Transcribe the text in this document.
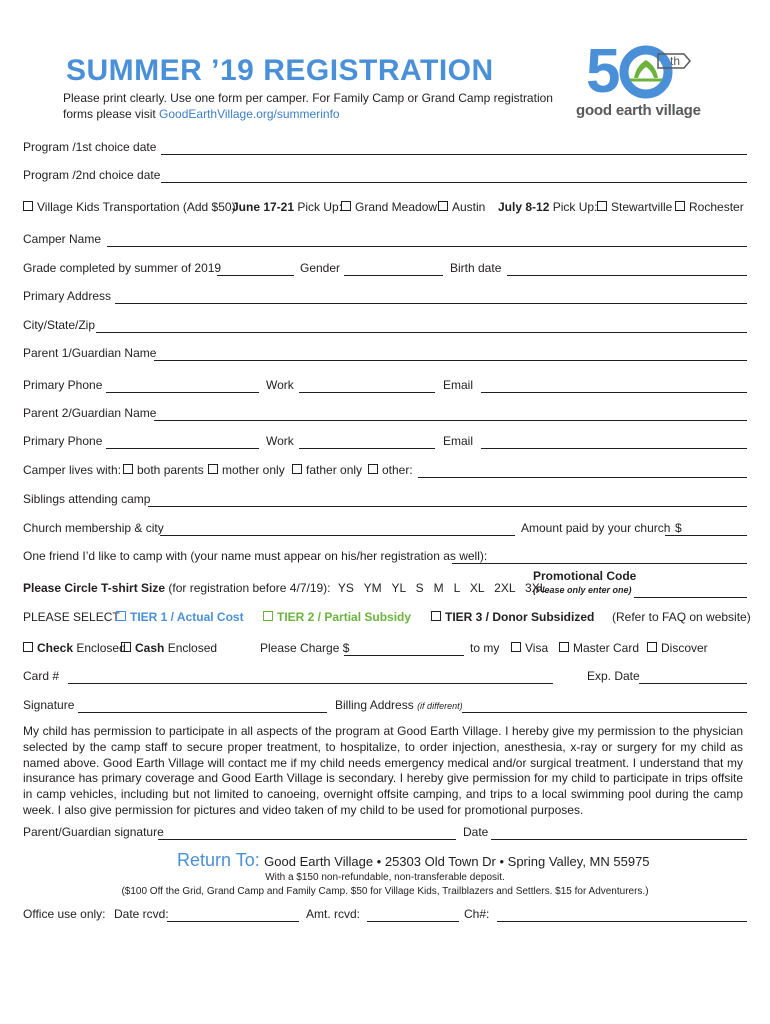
SUMMER ’19 REGISTRATION
Please print clearly. Use one form per camper. For Family Camp or Grand Camp registration
forms please visit GoodEarthVillage.org/summerinfo
5	th
good earth village
Program /1st choice date
Program /2nd choice date
Village Kids Transportation (Add $50)
June 17-21 Pick Up:	Grand Meadow	Austin July 8-12 Pick Up:	Stewartville	Rochester
Camper Name
Grade completed by summer of 2019	Gender	Birth date
Primary Address
City/State/Zip
Parent 1/Guardian Name
Primary Phone	Work	Email
Parent 2/Guardian Name
Primary Phone	Work	Email
Camper lives with:	both parents	mother only	father only	other:
Siblings attending camp
Church membership & city	Amount paid by your church $
One friend I’d like to camp with (your name must appear on his/her registration as well):
Promotional Code
(Please only enter one)
Please Circle T-shirt Size (for registration before 4/7/19): YS   YM   YL   S   M   L   XL   2XL   3XL
PLEASE SELECT TIER 1 / Actual Cost	TIER 2 / Partial Subsidy	TIER 3 / Donor Subsidized (Refer to FAQ on website)
Check Enclosed Cash Enclosed	Please Charge $	to my	Visa	Master Card	Discover
Card #	Exp. Date
Signature	Billing Address (if different)
My child has permission to participate in all aspects of the program at Good Earth Village. I hereby give my permission to the physician selected by the camp staff to secure proper treatment, to hospitalize, to order injection, anesthesia, x-ray or surgery for my child as named above. Good Earth Village will contact me if my child needs emergency medical and/or surgical treatment. I understand that my insurance has primary coverage and Good Earth Village is secondary. I hereby give permission for my child to participate in trips offsite in camp vehicles, including but not limited to canoeing, overnight offsite camping, and trips to a local swimming pool during the camp week. I also give permission for pictures and video taken of my child to be used for promotional purposes.
Parent/Guardian signature	Date
Return To: Good Earth Village • 25303 Old Town Dr • Spring Valley, MN 55975
With a $150 non-refundable, non-transferable deposit.
($100 Off the Grid, Grand Camp and Family Camp. $50 for Village Kids, Trailblazers and Settlers. $15 for Adventurers.)
Office use only: Date rcvd:	Amt. rcvd:	Ch#:
